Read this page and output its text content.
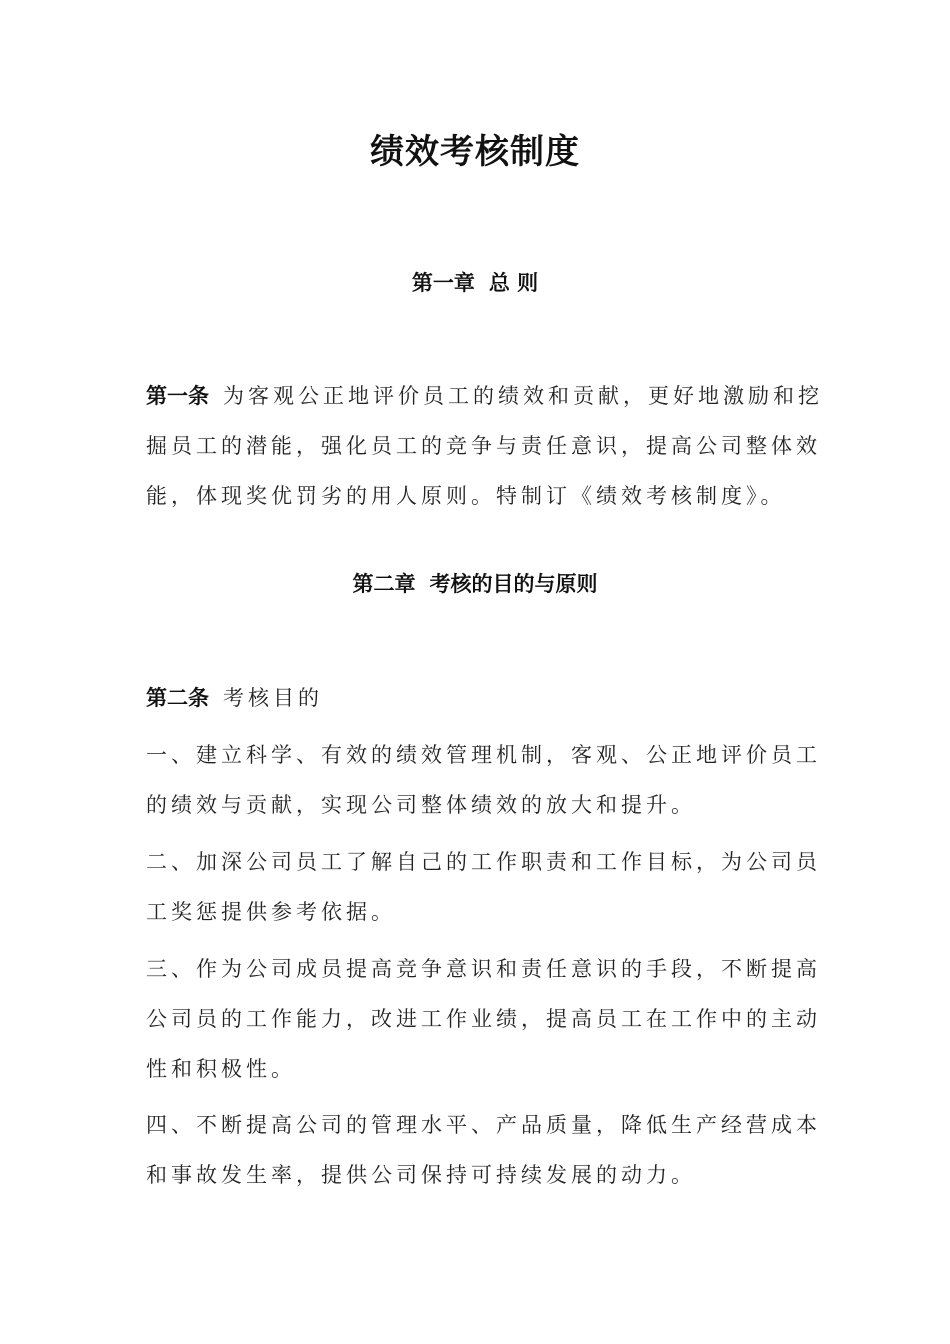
绩效考核制度
第一章 总 则
第一条 为客观公正地评价员工的绩效和贡献，更好地激励和挖
掘员工的潜能，强化员工的竞争与责任意识，提高公司整体效
能，体现奖优罚劣的用人原则。特制订《绩效考核制度》。
第二章 考核的目的与原则
第二条 考核目的
一、建立科学、有效的绩效管理机制，客观、公正地评价员工
的绩效与贡献，实现公司整体绩效的放大和提升。
二、加深公司员工了解自己的工作职责和工作目标，为公司员
工奖惩提供参考依据。
三、作为公司成员提高竞争意识和责任意识的手段，不断提高
公司员的工作能力，改进工作业绩，提高员工在工作中的主动
性和积极性。
四、不断提高公司的管理水平、产品质量，降低生产经营成本
和事故发生率，提供公司保持可持续发展的动力。
